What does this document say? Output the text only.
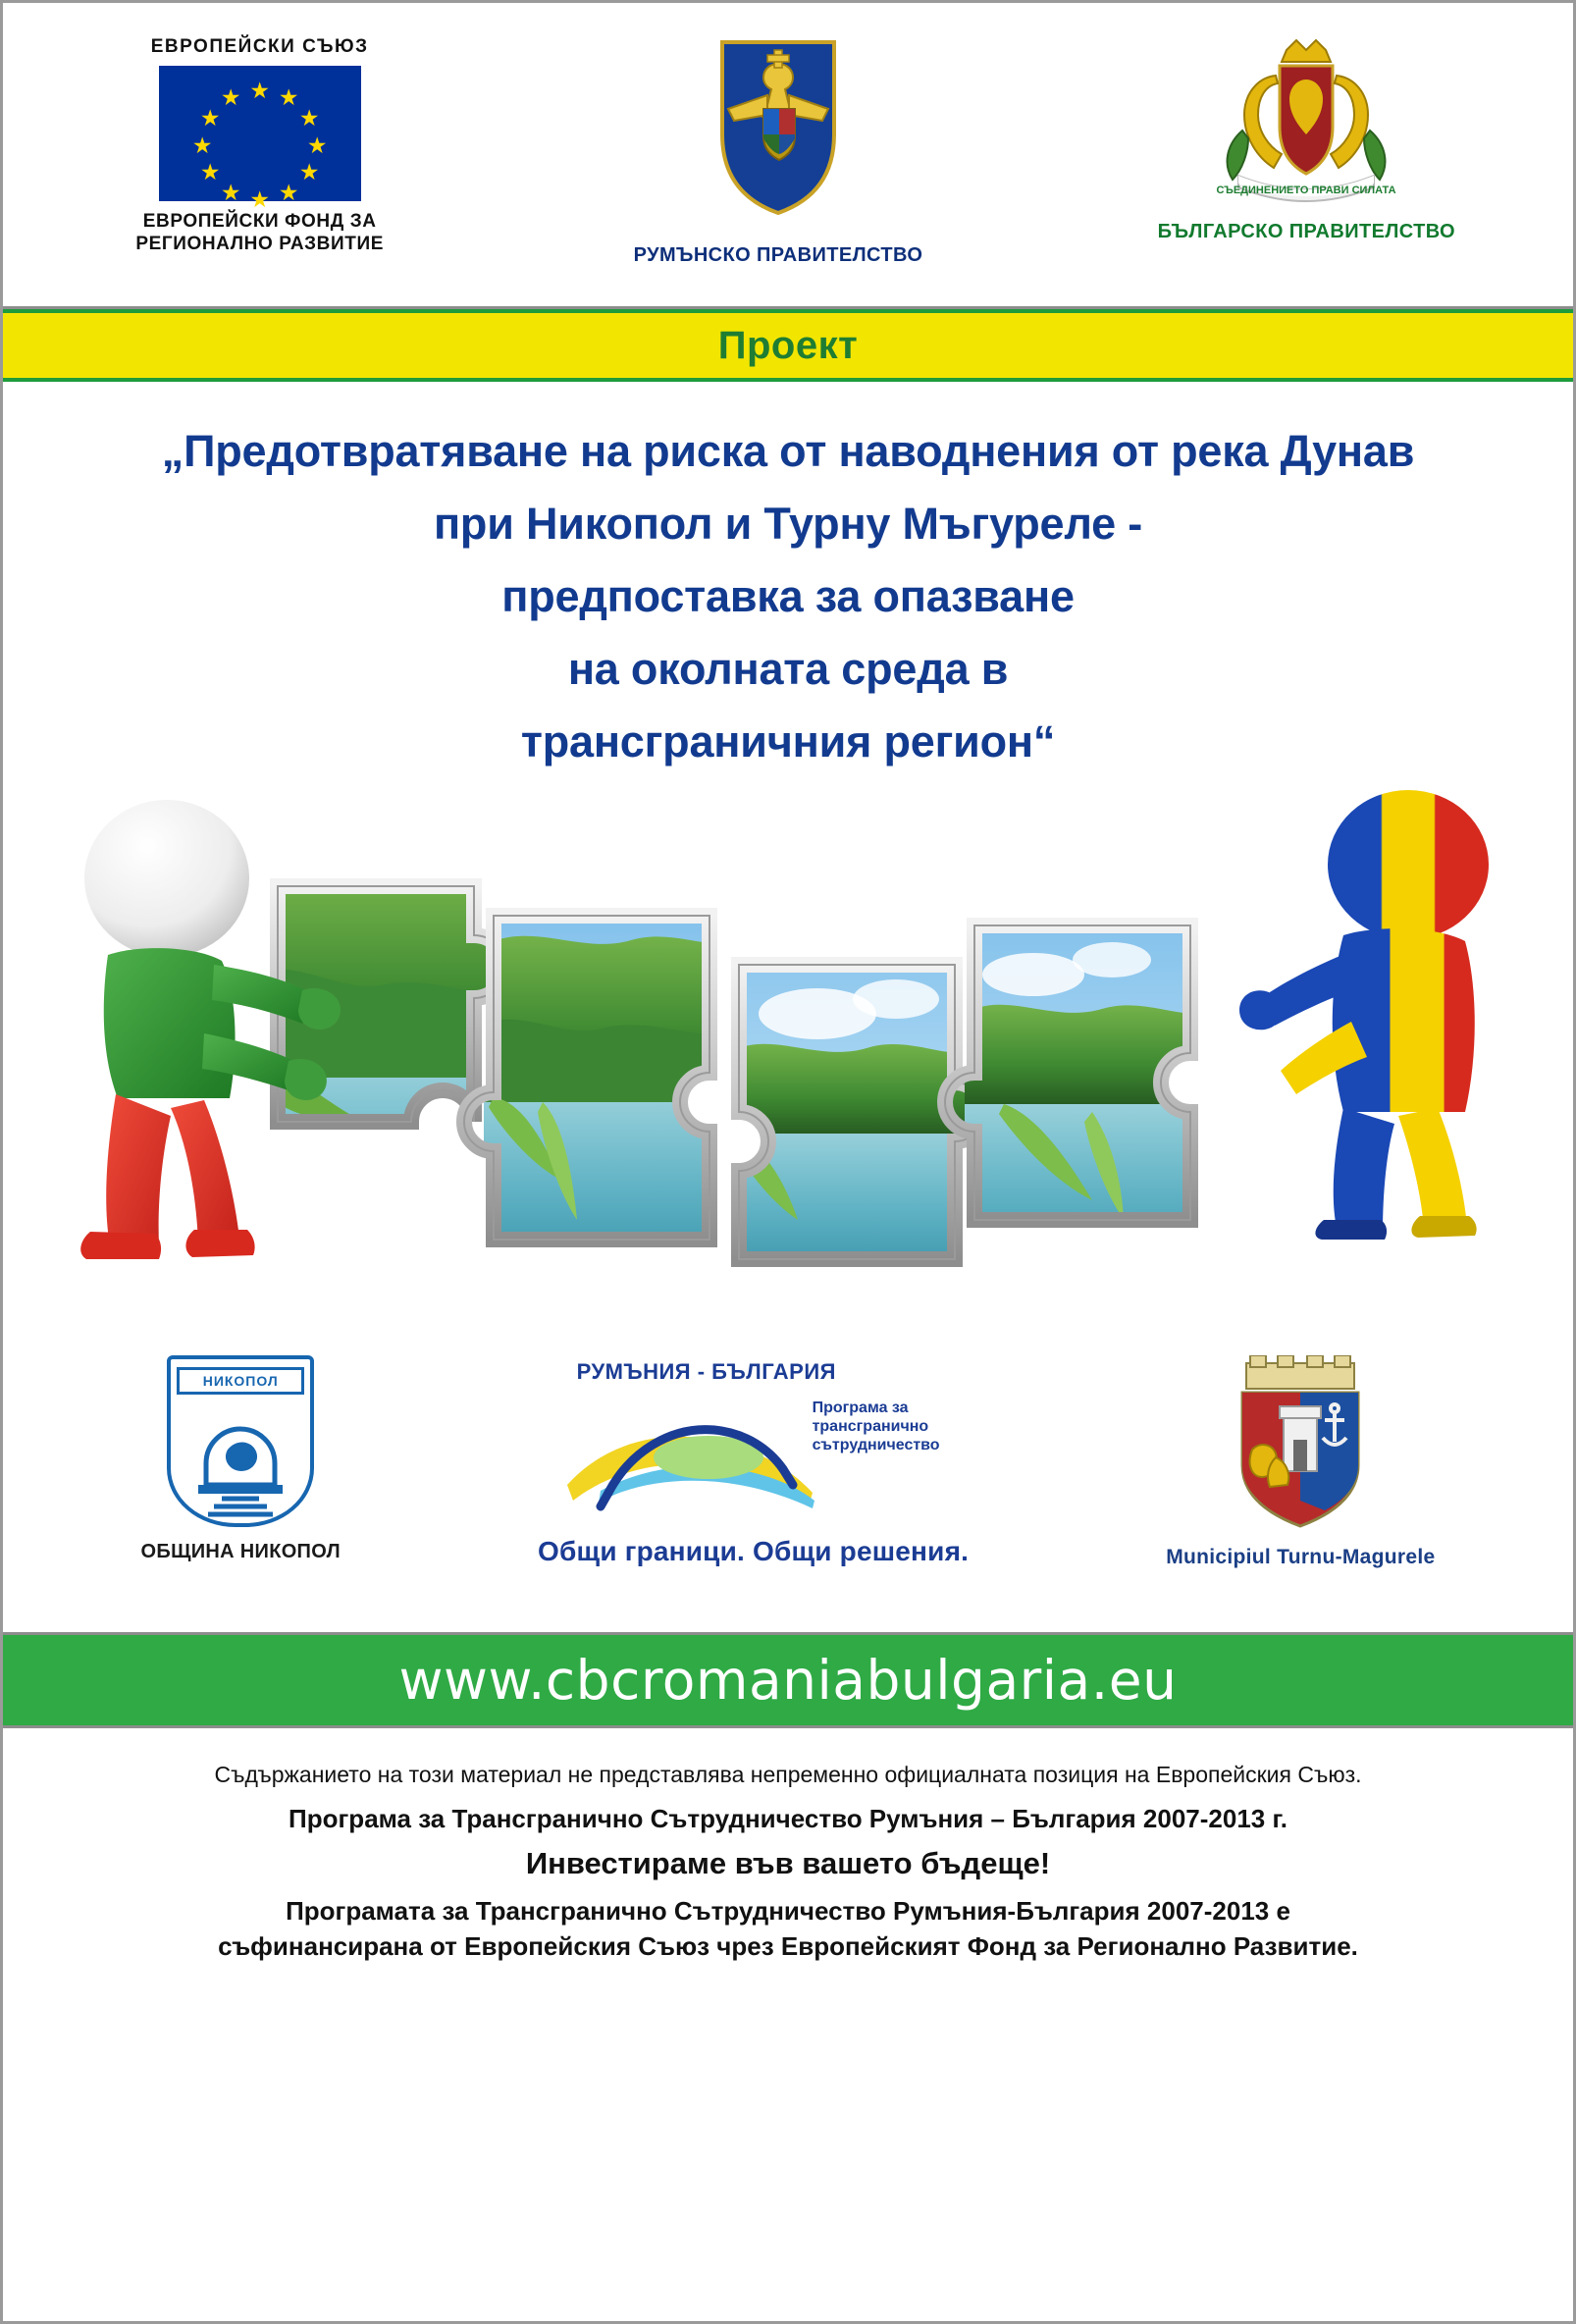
ЕВРОПЕЙСКИ СЪЮЗ
★ ★
★
★
★
★
★
★
★
★
★
★
ЕВРОПЕЙСКИ ФОНД ЗА
РЕГИОНАЛНО РАЗВИТИЕ
РУМЪНСКО ПРАВИТЕЛСТВО
СЪЕДИНЕНИЕТО ПРАВИ СИЛАТА
БЪЛГАРСКО ПРАВИТЕЛСТВО
Проект
„Предотвратяване на риска от наводнения от река Дунав
при Никопол и Турну Мъгуреле -
предпоставка за опазване
на околната среда в
трансграничния регион“
НИКОПОЛ
ОБЩИНА НИКОПОЛ
РУМЪНИЯ - БЪЛГАРИЯ
Програма за
трансгранично
сътрудничество
Общи граници. Общи решения.	Municipiul Turnu-Magurele
www.cbcromaniabulgaria.eu
Съдържанието на този материал не представлява непременно официалната позиция на Европейския Съюз.
Програма за Трансгранично Сътрудничество Румъния – България 2007-2013 г.
Инвестираме във вашето бъдеще!
Програмата за Трансгранично Сътрудничество Румъния-България 2007-2013 е
съфинансирана от Европейския Съюз чрез Европейският Фонд за Регионално Развитие.
